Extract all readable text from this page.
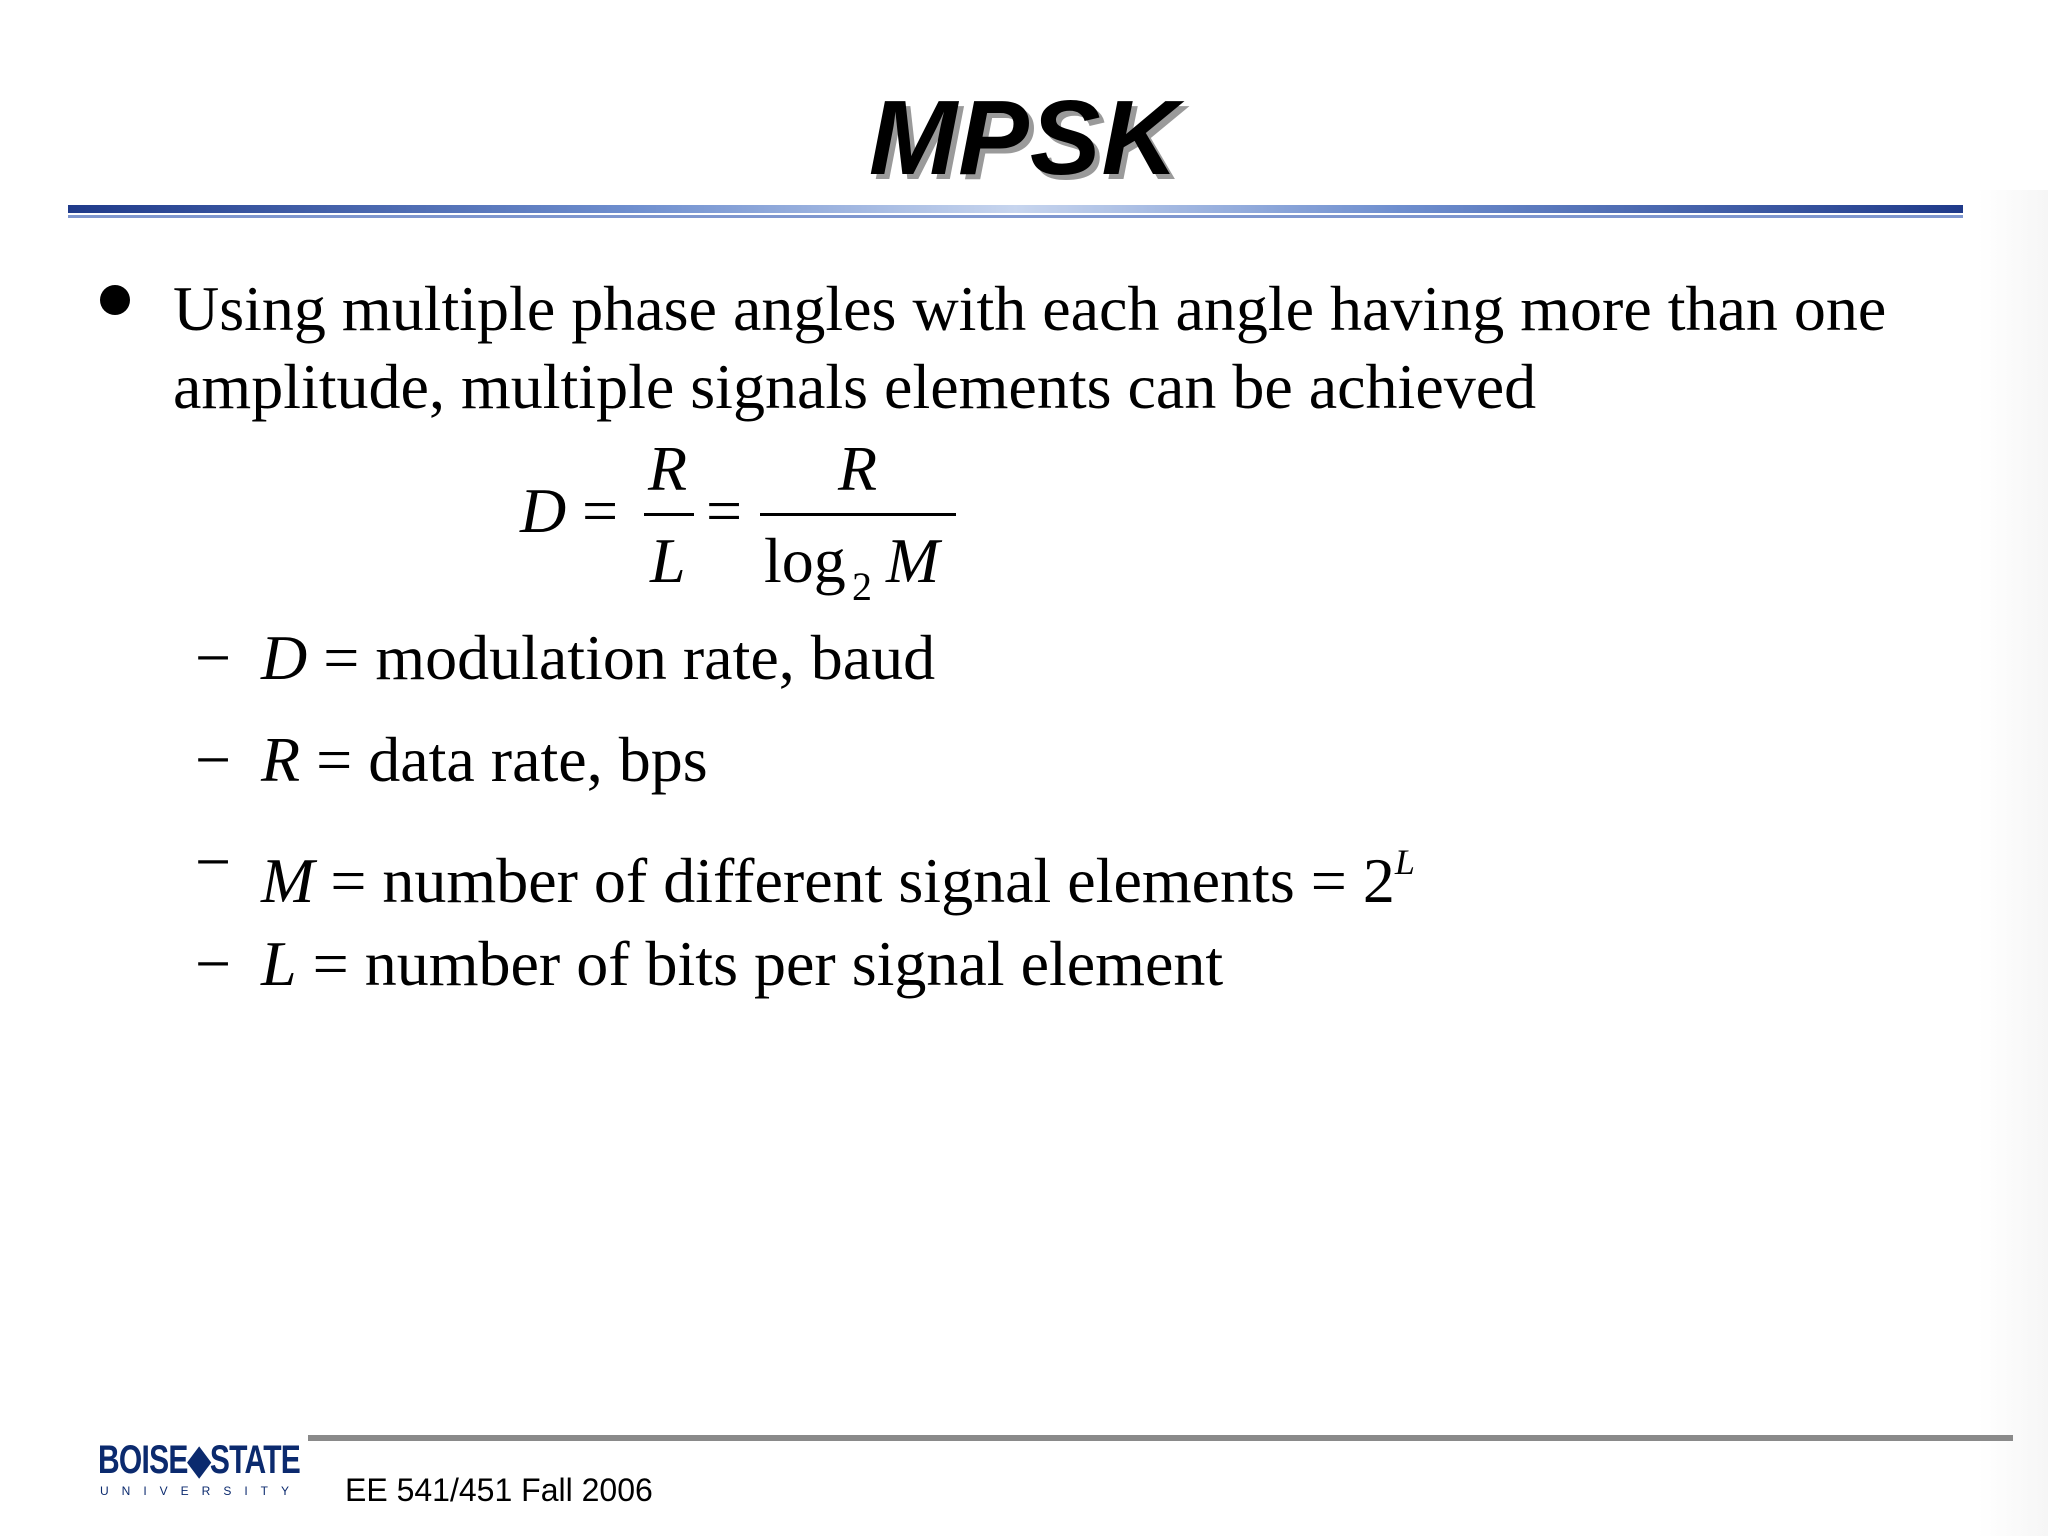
MPSK
Using multiple phase angles with each angle having more than one amplitude, multiple signals elements can be achieved
D =
R
L
=
R
log 2 M
− D = modulation rate, baud
− R = data rate, bps
− M = number of different signal elements = $2^L$
− L = number of bits per signal element
BOISE◆STATE
UNIVERSITY EE 541/451 Fall 2006
